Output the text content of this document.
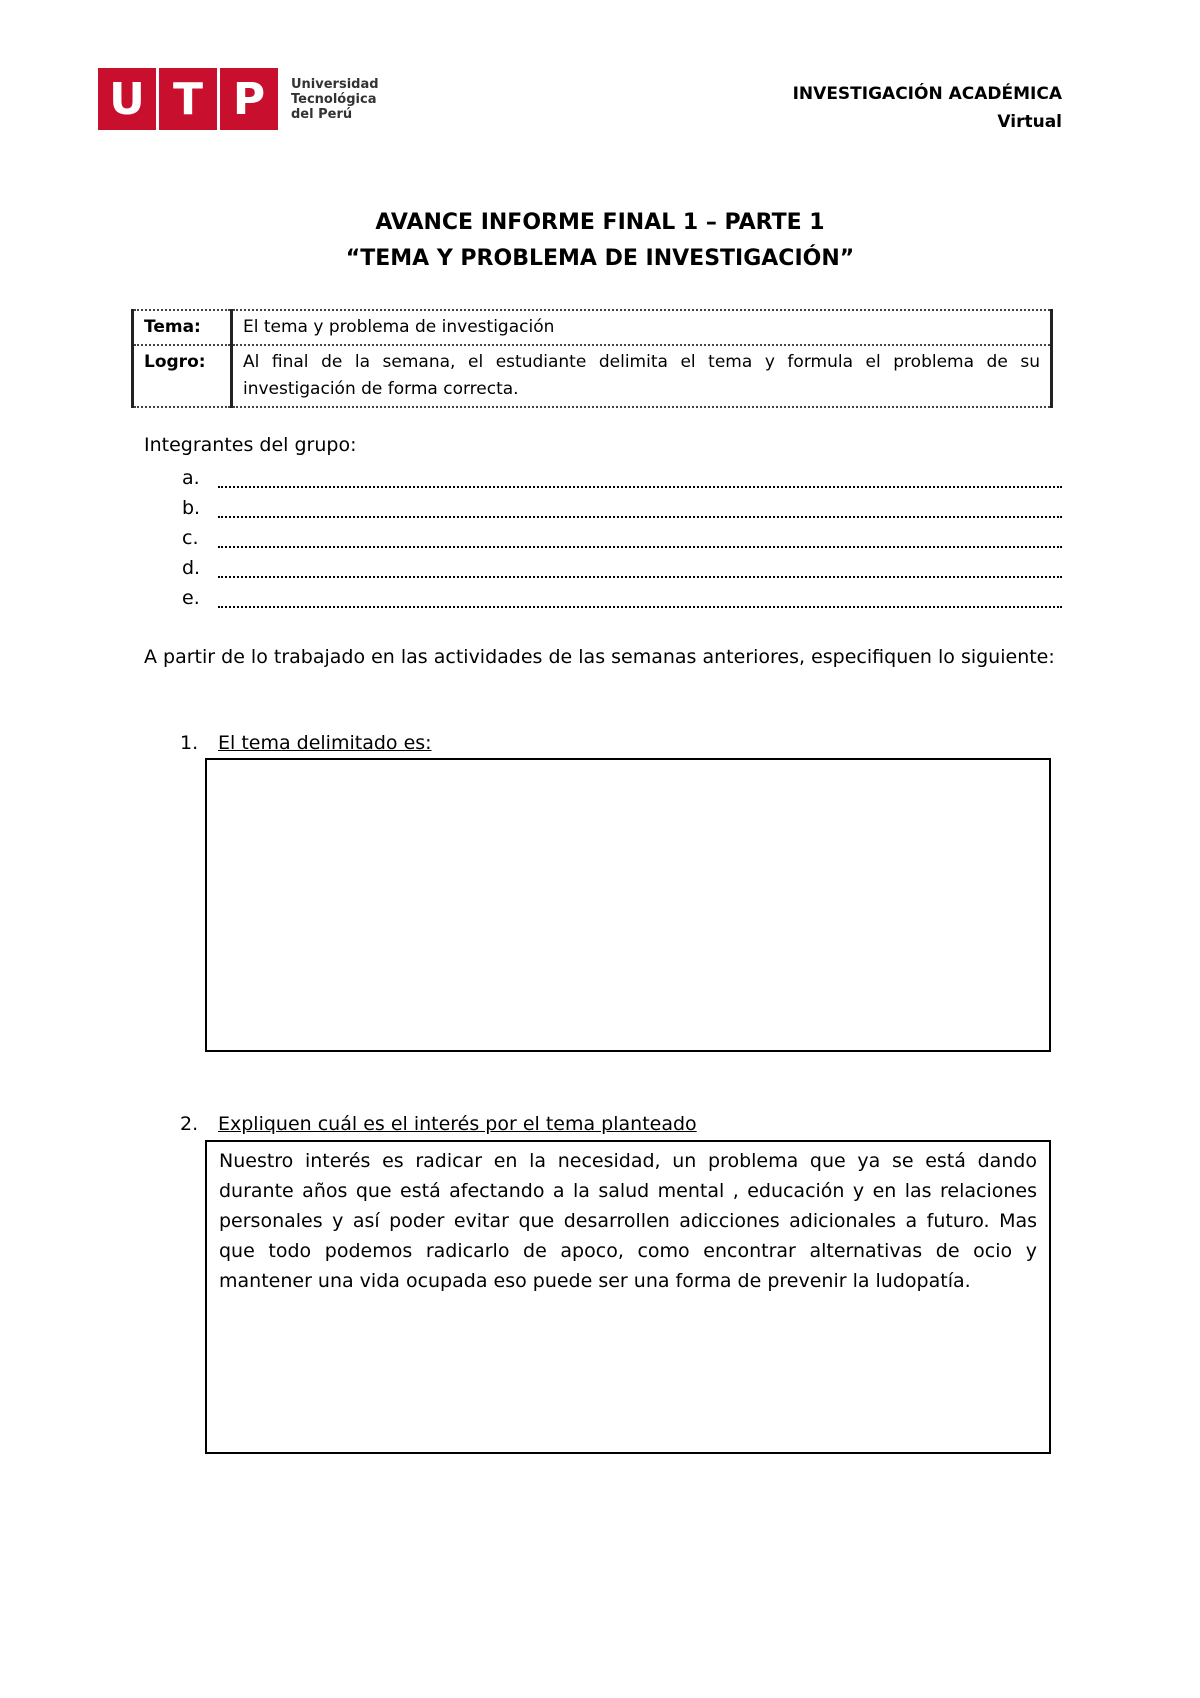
U T P	Universidad
Tecnológica
del Perú
INVESTIGACIÓN ACADÉMICA
Virtual
AVANCE INFORME FINAL 1 – PARTE 1
“TEMA Y PROBLEMA DE INVESTIGACIÓN”
Tema:	El tema y problema de investigación
Logro:	Al final de la semana, el estudiante delimita el tema y formula el problema de su investigación de forma correcta.
Integrantes del grupo:
a.
b.
c.
d.
e.
A partir de lo trabajado en las actividades de las semanas anteriores, especifiquen lo siguiente:
1. El tema delimitado es:
2. Expliquen cuál es el interés por el tema planteado
Nuestro interés es radicar en la necesidad, un problema que ya se está dando durante años que está afectando a la salud mental , educación y en las relaciones personales y así poder evitar que desarrollen adicciones adicionales a futuro. Mas que todo podemos radicarlo de apoco, como encontrar alternativas de ocio y mantener una vida ocupada eso puede ser una forma de prevenir la ludopatía.
